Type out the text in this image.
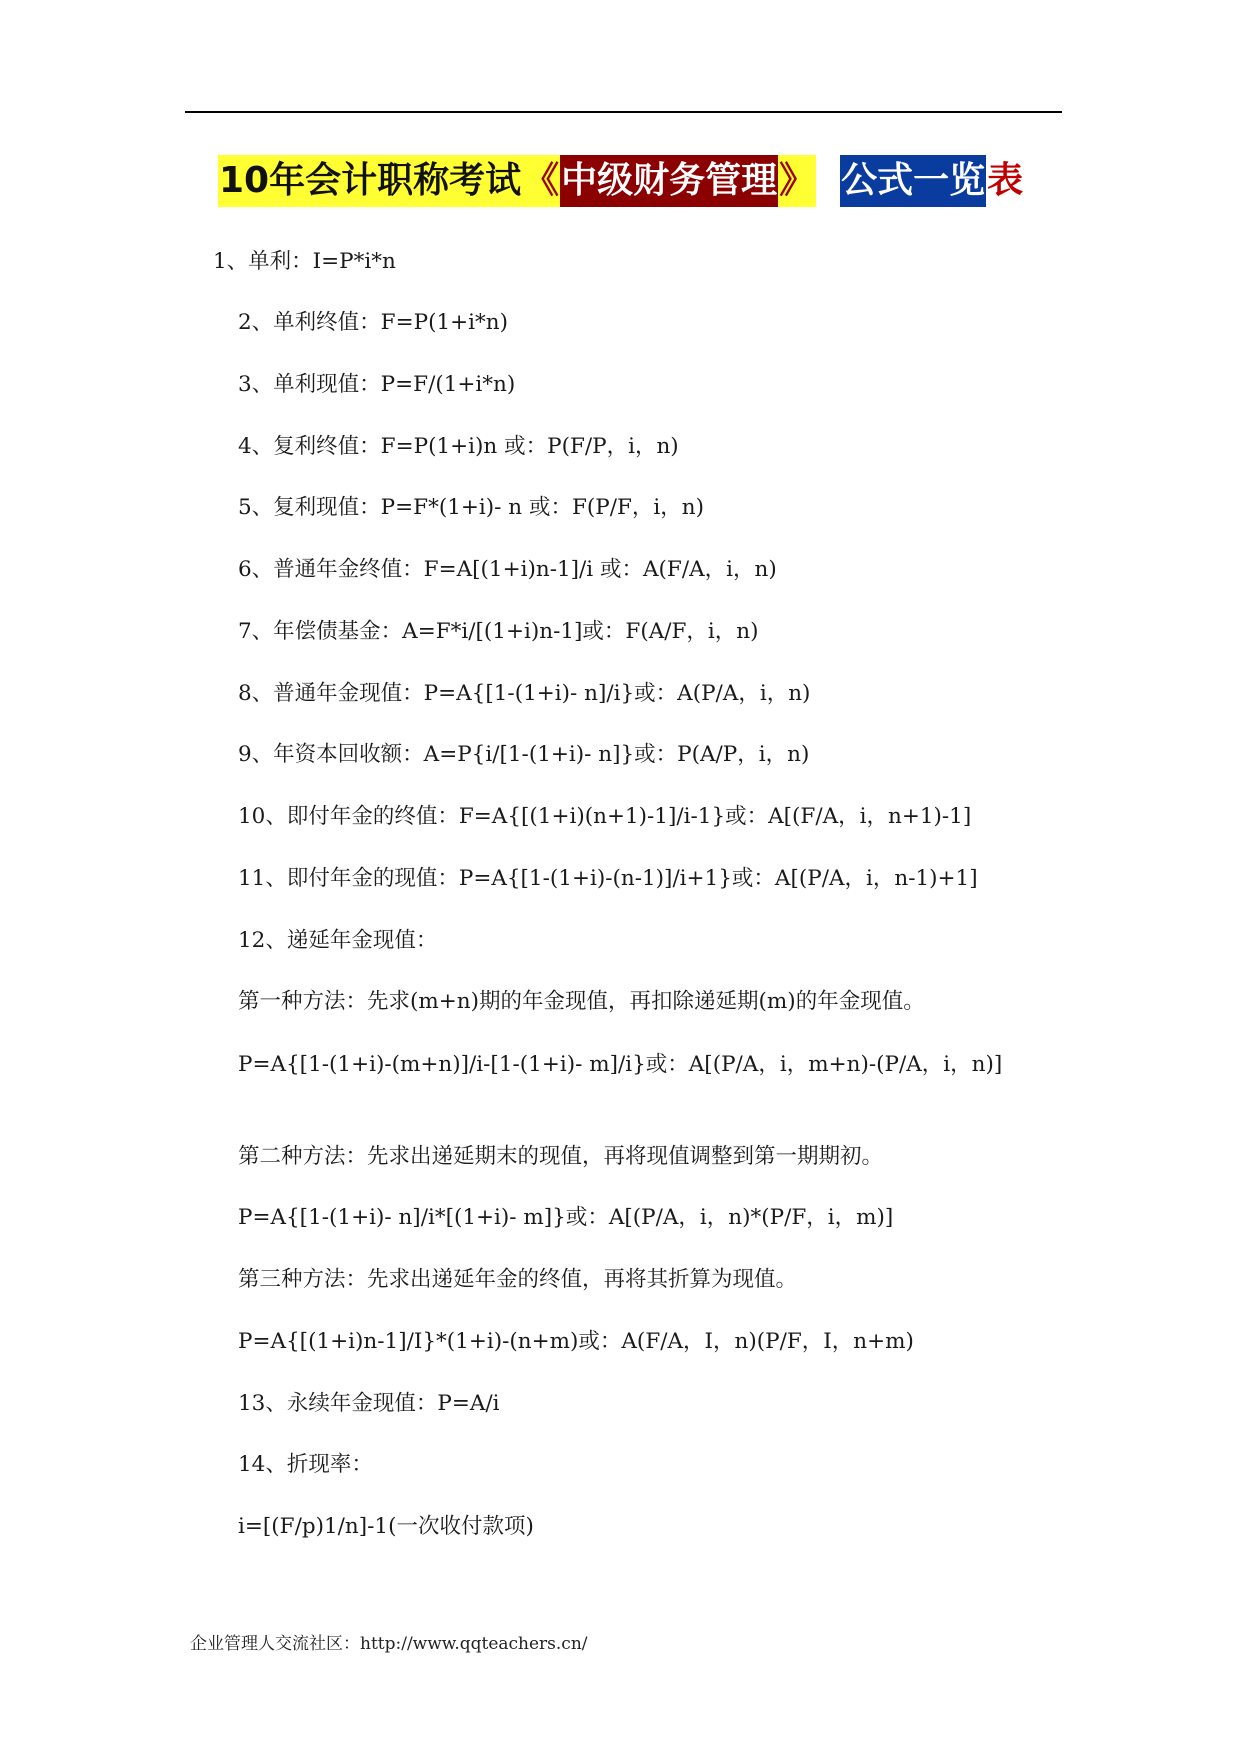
10年会计职称考试《中级财务管理》 公式一览表
1、单利：I=P*i*n
2、单利终值：F=P(1+i*n)
3、单利现值：P=F/(1+i*n)
4、复利终值：F=P(1+i)n 或：P(F/P，i，n)
5、复利现值：P=F*(1+i)- n 或：F(P/F，i，n)
6、普通年金终值：F=A[(1+i)n-1]/i 或：A(F/A，i，n)
7、年偿债基金：A=F*i/[(1+i)n-1]或：F(A/F，i，n)
8、普通年金现值：P=A{[1-(1+i)- n]/i}或：A(P/A，i，n)
9、年资本回收额：A=P{i/[1-(1+i)- n]}或：P(A/P，i，n)
10、即付年金的终值：F=A{[(1+i)(n+1)-1]/i-1}或：A[(F/A，i，n+1)-1]
11、即付年金的现值：P=A{[1-(1+i)-(n-1)]/i+1}或：A[(P/A，i，n-1)+1]
12、递延年金现值：
第一种方法：先求(m+n)期的年金现值，再扣除递延期(m)的年金现值。
P=A{[1-(1+i)-(m+n)]/i-[1-(1+i)- m]/i}或：A[(P/A，i，m+n)-(P/A，i，n)]
第二种方法：先求出递延期末的现值，再将现值调整到第一期期初。
P=A{[1-(1+i)- n]/i*[(1+i)- m]}或：A[(P/A，i，n)*(P/F，i，m)]
第三种方法：先求出递延年金的终值，再将其折算为现值。
P=A{[(1+i)n-1]/I}*(1+i)-(n+m)或：A(F/A，I，n)(P/F，I，n+m)
13、永续年金现值：P=A/i
14、折现率：
i=[(F/p)1/n]-1(一次收付款项)
企业管理人交流社区：http://www.qqteachers.cn/
